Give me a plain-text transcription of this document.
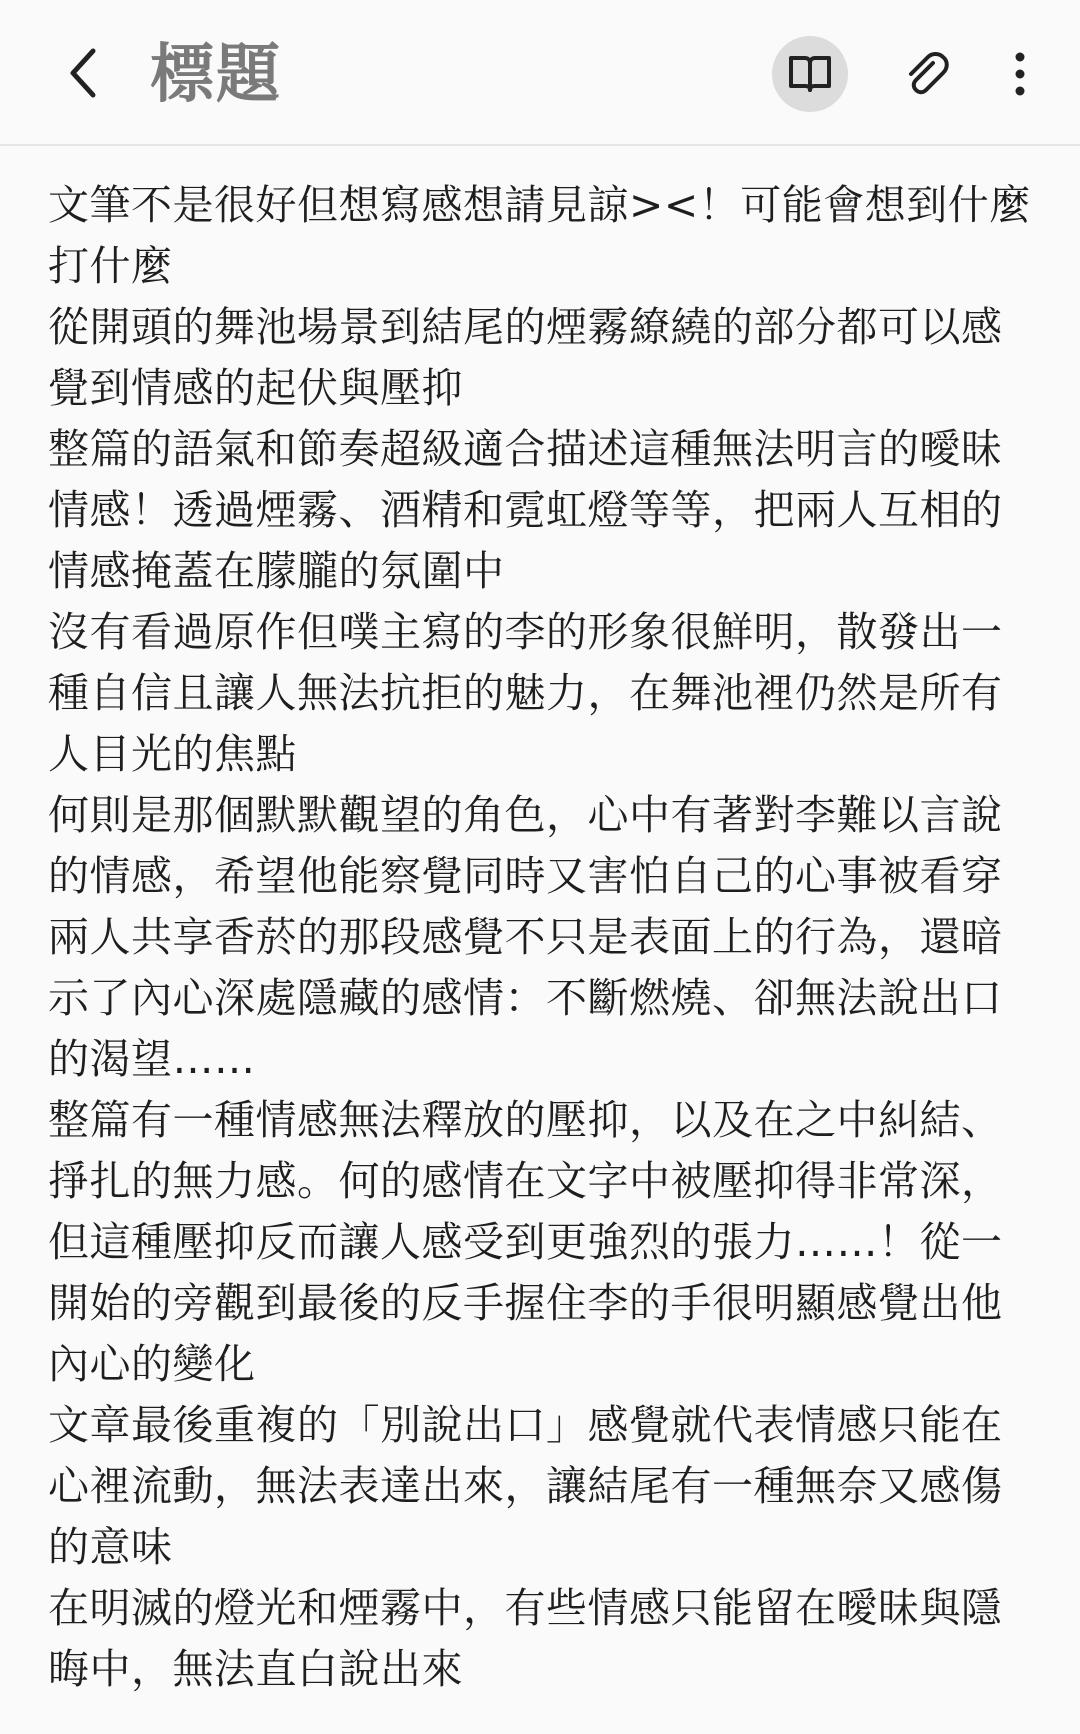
標題

文筆不是很好但想寫感想請見諒><！可能會想到什麼打什麼

從開頭的舞池場景到結尾的煙霧繚繞的部分都可以感覺到情感的起伏與壓抑

整篇的語氣和節奏超級適合描述這種無法明言的曖昧情感！透過煙霧、酒精和霓虹燈等等，把兩人互相的情感掩蓋在朦朧的氛圍中

沒有看過原作但噗主寫的李的形象很鮮明，散發出一種自信且讓人無法抗拒的魅力，在舞池裡仍然是所有人目光的焦點

何則是那個默默觀望的角色，心中有著對李難以言說的情感，希望他能察覺同時又害怕自己的心事被看穿

兩人共享香菸的那段感覺不只是表面上的行為，還暗示了內心深處隱藏的感情：不斷燃燒、卻無法說出口的渴望……

整篇有一種情感無法釋放的壓抑，以及在之中糾結、掙扎的無力感。何的感情在文字中被壓抑得非常深，但這種壓抑反而讓人感受到更強烈的張力……！從一開始的旁觀到最後的反手握住李的手很明顯感覺出他內心的變化

文章最後重複的「別說出口」感覺就代表情感只能在心裡流動，無法表達出來，讓結尾有一種無奈又感傷的意味

在明滅的燈光和煙霧中，有些情感只能留在曖昧與隱晦中，無法直白說出來
